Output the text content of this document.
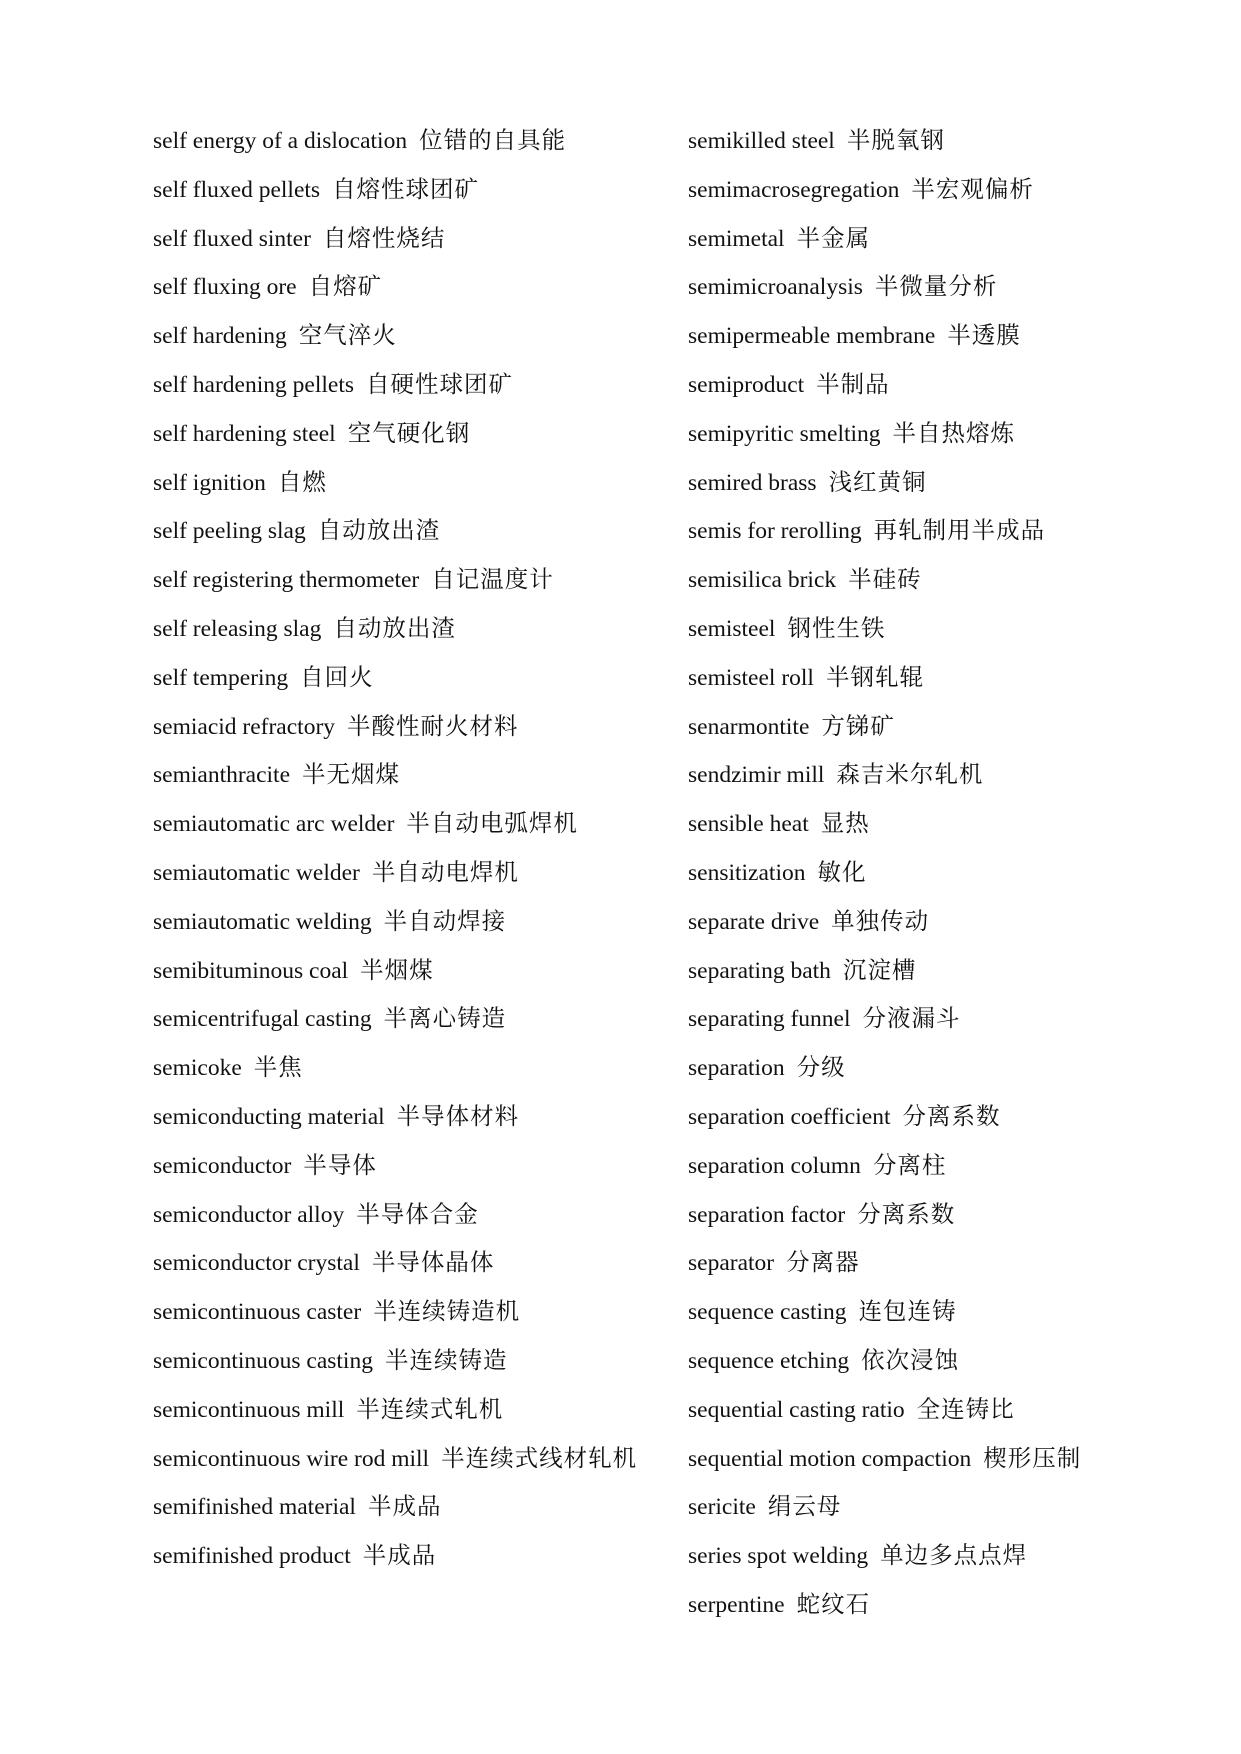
self energy of a dislocation 位错的自具能
self fluxed pellets 自熔性球团矿
self fluxed sinter 自熔性烧结
self fluxing ore 自熔矿
self hardening 空气淬火
self hardening pellets 自硬性球团矿
self hardening steel 空气硬化钢
self ignition 自燃
self peeling slag 自动放出渣
self registering thermometer 自记温度计
self releasing slag 自动放出渣
self tempering 自回火
semiacid refractory 半酸性耐火材料
semianthracite 半无烟煤
semiautomatic arc welder 半自动电弧焊机
semiautomatic welder 半自动电焊机
semiautomatic welding 半自动焊接
semibituminous coal 半烟煤
semicentrifugal casting 半离心铸造
semicoke 半焦
semiconducting material 半导体材料
semiconductor 半导体
semiconductor alloy 半导体合金
semiconductor crystal 半导体晶体
semicontinuous caster 半连续铸造机
semicontinuous casting 半连续铸造
semicontinuous mill 半连续式轧机
semicontinuous wire rod mill 半连续式线材轧机
semifinished material 半成品
semifinished product 半成品
semikilled steel 半脱氧钢
semimacrosegregation 半宏观偏析
semimetal 半金属
semimicroanalysis 半微量分析
semipermeable membrane 半透膜
semiproduct 半制品
semipyritic smelting 半自热熔炼
semired brass 浅红黄铜
semis for rerolling 再轧制用半成品
semisilica brick 半硅砖
semisteel 钢性生铁
semisteel roll 半钢轧辊
senarmontite 方锑矿
sendzimir mill 森吉米尔轧机
sensible heat 显热
sensitization 敏化
separate drive 单独传动
separating bath 沉淀槽
separating funnel 分液漏斗
separation 分级
separation coefficient 分离系数
separation column 分离柱
separation factor 分离系数
separator 分离器
sequence casting 连包连铸
sequence etching 依次浸蚀
sequential casting ratio 全连铸比
sequential motion compaction 楔形压制
sericite 绢云母
series spot welding 单边多点点焊
serpentine 蛇纹石
